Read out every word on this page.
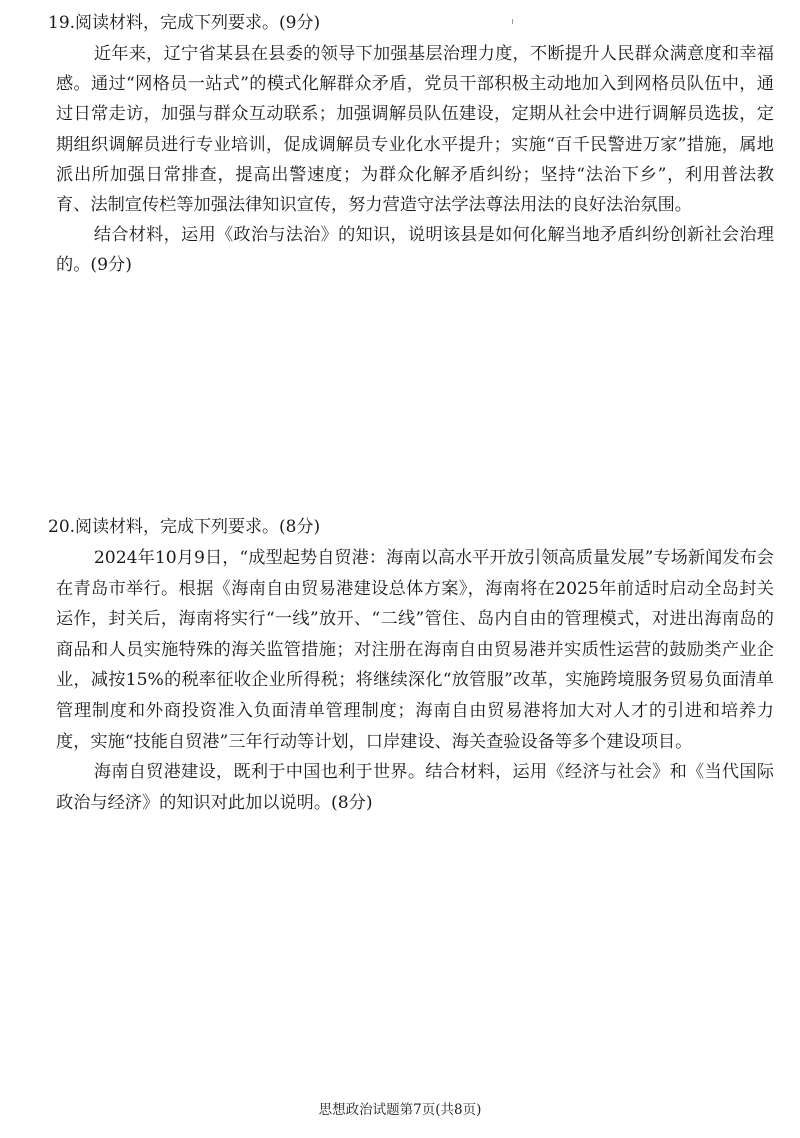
19.阅读材料，完成下列要求。(9分)

近年来，辽宁省某县在县委的领导下加强基层治理力度，不断提升人民群众满意度和幸福感。通过“网格员一站式”的模式化解群众矛盾，党员干部积极主动地加入到网格员队伍中，通过日常走访，加强与群众互动联系；加强调解员队伍建设，定期从社会中进行调解员选拔，定期组织调解员进行专业培训，促成调解员专业化水平提升；实施“百千民警进万家”措施，属地派出所加强日常排查，提高出警速度；为群众化解矛盾纠纷；坚持“法治下乡”，利用普法教育、法制宣传栏等加强法律知识宣传，努力营造守法学法尊法用法的良好法治氛围。

结合材料，运用《政治与法治》的知识，说明该县是如何化解当地矛盾纠纷创新社会治理的。(9分)

20.阅读材料，完成下列要求。(8分)

2024年10月9日，“成型起势自贸港：海南以高水平开放引领高质量发展”专场新闻发布会在青岛市举行。根据《海南自由贸易港建设总体方案》，海南将在2025年前适时启动全岛封关运作，封关后，海南将实行“一线”放开、“二线”管住、岛内自由的管理模式，对进出海南岛的商品和人员实施特殊的海关监管措施；对注册在海南自由贸易港并实质性运营的鼓励类产业企业，减按15%的税率征收企业所得税；将继续深化“放管服”改革，实施跨境服务贸易负面清单管理制度和外商投资准入负面清单管理制度；海南自由贸易港将加大对人才的引进和培养力度，实施“技能自贸港”三年行动等计划，口岸建设、海关查验设备等多个建设项目。

海南自贸港建设，既利于中国也利于世界。结合材料，运用《经济与社会》和《当代国际政治与经济》的知识对此加以说明。(8分)

思想政治试题第7页(共8页)
